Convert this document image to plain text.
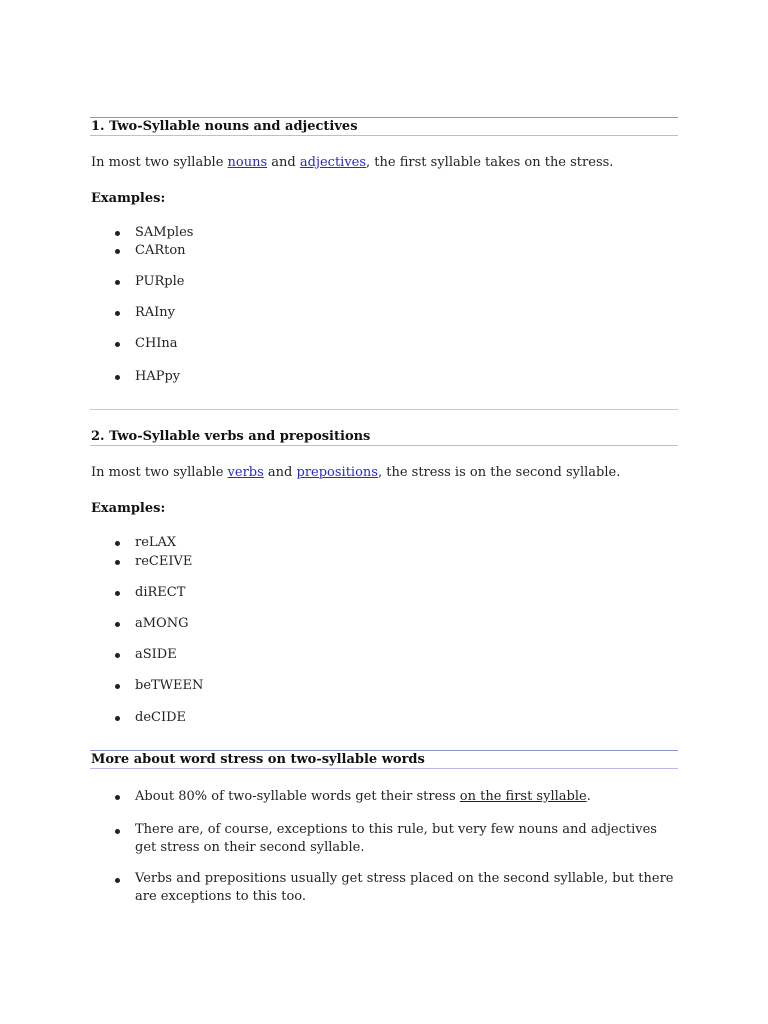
1. Two-Syllable nouns and adjectives
In most two syllable nouns and adjectives, the first syllable takes on the stress.
Examples:
SAMples
CARton
PURple
RAIny
CHIna
HAPpy
2. Two-Syllable verbs and prepositions
In most two syllable verbs and prepositions, the stress is on the second syllable.
Examples:
reLAX
reCEIVE
diRECT
aMONG
aSIDE
beTWEEN
deCIDE
More about word stress on two-syllable words
About 80% of two-syllable words get their stress on the first syllable.
There are, of course, exceptions to this rule, but very few nouns and adjectives get stress on their second syllable.
Verbs and prepositions usually get stress placed on the second syllable, but there are exceptions to this too.
